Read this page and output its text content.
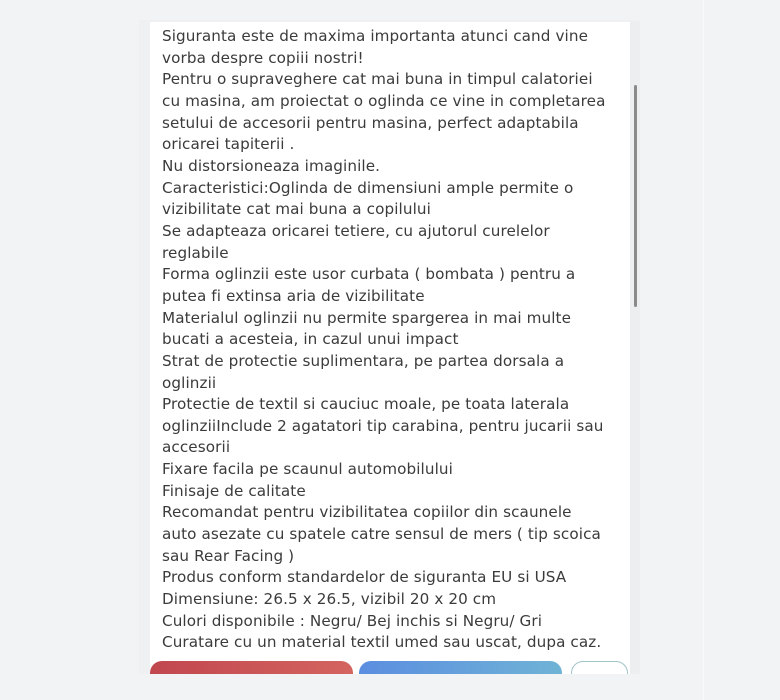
Siguranta este de maxima importanta atunci cand vine
vorba despre copiii nostri!
Pentru o supraveghere cat mai buna in timpul calatoriei
cu masina, am proiectat o oglinda ce vine in completarea
setului de accesorii pentru masina, perfect adaptabila
oricarei tapiterii .
Nu distorsioneaza imaginile.
Caracteristici:Oglinda de dimensiuni ample permite o
vizibilitate cat mai buna a copilului
Se adapteaza oricarei tetiere, cu ajutorul curelelor
reglabile
Forma oglinzii este usor curbata ( bombata ) pentru a
putea fi extinsa aria de vizibilitate
Materialul oglinzii nu permite spargerea in mai multe
bucati a acesteia, in cazul unui impact
Strat de protectie suplimentara, pe partea dorsala a
oglinzii
Protectie de textil si cauciuc moale, pe toata laterala
oglinziiInclude 2 agatatori tip carabina, pentru jucarii sau
accesorii
Fixare facila pe scaunul automobilului
Finisaje de calitate
Recomandat pentru vizibilitatea copiilor din scaunele
auto asezate cu spatele catre sensul de mers ( tip scoica
sau Rear Facing )
Produs conform standardelor de siguranta EU si USA
Dimensiune: 26.5 x 26.5, vizibil 20 x 20 cm
Culori disponibile : Negru/ Bej inchis si Negru/ Gri
Curatare cu un material textil umed sau uscat, dupa caz.
